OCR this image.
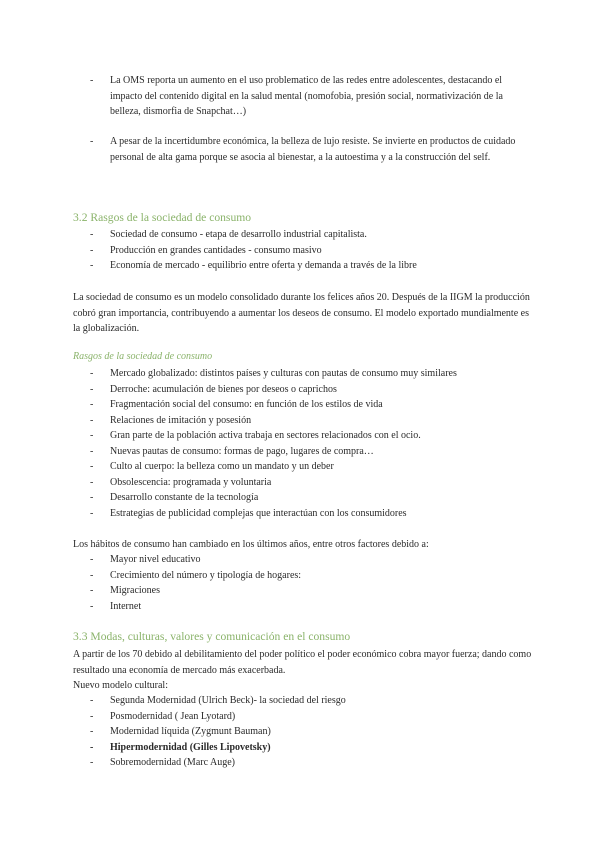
- La OMS reporta un aumento en el uso problematico de las redes entre adolescentes, destacando el impacto del contenido digital en la salud mental (nomofobia, presión social, normativización de la belleza, dismorfia de Snapchat…)
- A pesar de la incertidumbre económica, la belleza de lujo resiste. Se invierte en productos de cuidado personal de alta gama porque se asocia al bienestar, a la autoestima y a la construcción del self.
3.2 Rasgos de la sociedad de consumo
- Sociedad de consumo - etapa de desarrollo industrial capitalista.
- Producción en grandes cantidades - consumo masivo
- Economía de mercado - equilibrio entre oferta y demanda a través de la libre

La sociedad de consumo es un modelo consolidado durante los felices años 20. Después de la IIGM la producción cobró gran importancia, contribuyendo a aumentar los deseos de consumo. El modelo exportado mundialmente es la globalización.

Rasgos de la sociedad de consumo
- Mercado globalizado: distintos países y culturas con pautas de consumo muy similares
- Derroche: acumulación de bienes por deseos o caprichos
- Fragmentación social del consumo: en función de los estilos de vida
- Relaciones de imitación y posesión
- Gran parte de la población activa trabaja en sectores relacionados con el ocio.
- Nuevas pautas de consumo: formas de pago, lugares de compra…
- Culto al cuerpo: la belleza como un mandato y un deber
- Obsolescencia: programada y voluntaria
- Desarrollo constante de la tecnología
- Estrategias de publicidad complejas que interactúan con los consumidores

Los hábitos de consumo han cambiado en los últimos años, entre otros factores debido a:

- Mayor nivel educativo
- Crecimiento del número y tipología de hogares:
- Migraciones
- Internet
3.3 Modas, culturas, valores y comunicación en el consumo

A partir de los 70 debido al debilitamiento del poder político el poder económico cobra mayor fuerza; dando como resultado una economía de mercado más exacerbada.

Nuevo modelo cultural:

- Segunda Modernidad (Ulrich Beck)- la sociedad del riesgo
- Posmodernidad ( Jean Lyotard)
- Modernidad líquida (Zygmunt Bauman)
- Hipermodernidad (Gilles Lipovetsky)
- Sobremodernidad (Marc Auge)
